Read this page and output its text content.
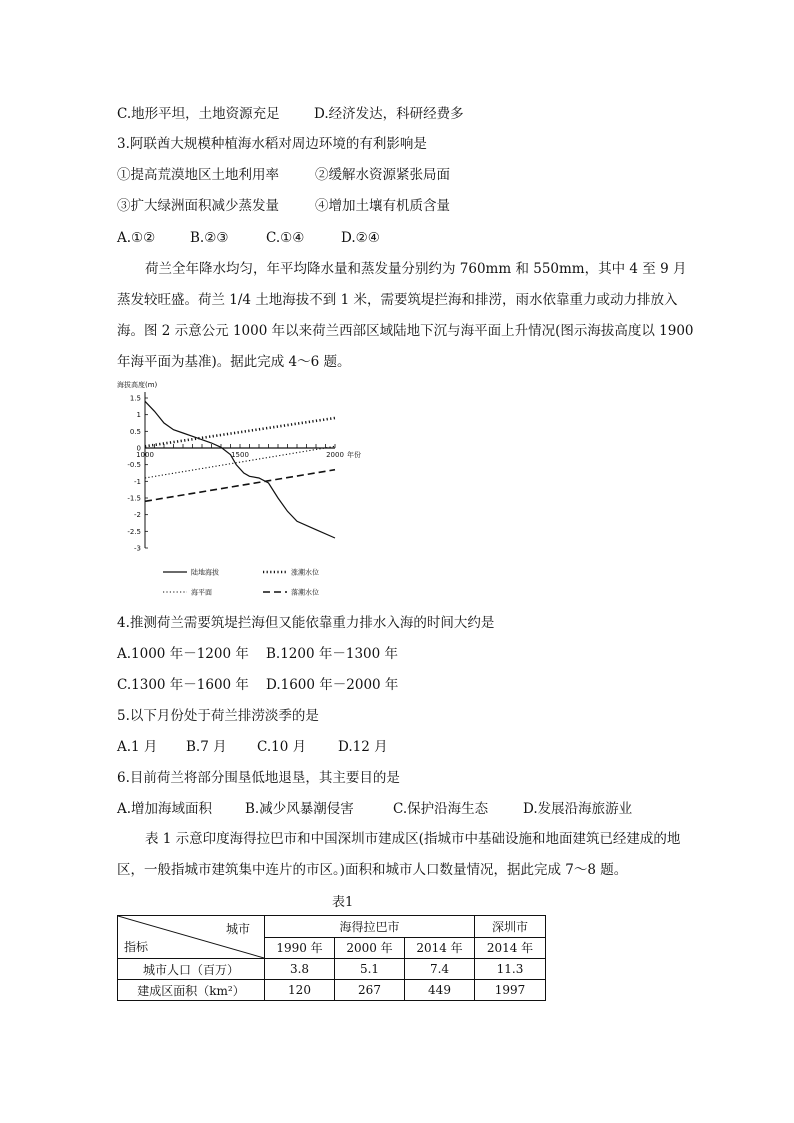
C.地形平坦，土地资源充足	D.经济发达，科研经费多
3.阿联酋大规模种植海水稻对周边环境的有利影响是
①提高荒漠地区土地利用率	②缓解水资源紧张局面
③扩大绿洲面积减少蒸发量	④增加土壤有机质含量
A.①②	B.②③	C.①④	D.②④
荷兰全年降水均匀，年平均降水量和蒸发量分别约为 760mm 和 550mm，其中 4 至 9 月蒸发较旺盛。荷兰 1/4 土地海拔不到 1 米，需要筑堤拦海和排涝，雨水依靠重力或动力排放入海。图 2 示意公元 1000 年以来荷兰西部区域陆地下沉与海平面上升情况(图示海拔高度以 1900 年海平面为基准)。据此完成 4～6 题。
海拔高度(m)
1.5
1
0.5
0
-0.5
-1
-1.5
-2
-2.5
-3
1000	1500	2000 年份
陆地海拔	涨潮水位
海平面	落潮水位
4.推测荷兰需要筑堤拦海但又能依靠重力排水入海的时间大约是
A.1000 年－1200 年 B.1200 年－1300 年
C.1300 年－1600 年 D.1600 年－2000 年
5.以下月份处于荷兰排涝淡季的是
A.1 月 B.7 月 C.10 月 D.12 月
6.目前荷兰将部分围垦低地退垦，其主要目的是
A.增加海域面积 B.减少风暴潮侵害	C.保护沿海生态	D.发展沿海旅游业
表 1 示意印度海得拉巴市和中国深圳市建成区(指城市中基础设施和地面建筑已经建成的地区，一般指城市建筑集中连片的市区。)面积和城市人口数量情况，据此完成 7～8 题。
表1
城市
指标	海得拉巴市			深圳市
	1990 年	2000 年	2014 年	2014 年
城市人口（百万）	3.8	5.1	7.4	11.3
建成区面积（km²）	120	267	449	1997
